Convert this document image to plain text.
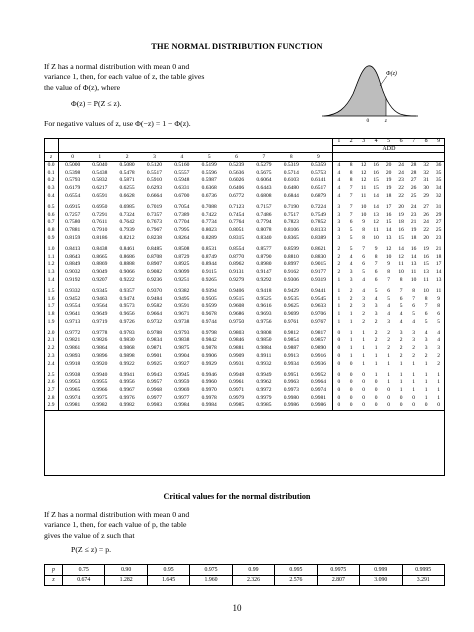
THE NORMAL DISTRIBUTION FUNCTION

If Z has a normal distribution with mean 0 and

variance 1, then, for each value of z, the table gives

the value of Φ(z), where

Φ(z) = P(Z ≤ z).
For negative values of z, use Φ(−z) = 1 − Φ(z).
Φ(z)
0	z
											1	2	3	4	5	6	7	8	9
											ADD								
z	0	1	2	3	4	5	6	7	8	9									
0.0	0.5000	0.5040	0.5080	0.5120	0.5160	0.5199	0.5239	0.5279	0.5319	0.5359	4	8	12	16	20	24	28	32	36
0.1	0.5398	0.5438	0.5478	0.5517	0.5557	0.5596	0.5636	0.5675	0.5714	0.5753	4	8	12	16	20	24	28	32	35
0.2	0.5793	0.5832	0.5871	0.5910	0.5948	0.5987	0.6026	0.6064	0.6103	0.6141	4	8	12	15	19	23	27	31	35
0.3	0.6179	0.6217	0.6255	0.6293	0.6331	0.6368	0.6406	0.6443	0.6480	0.6517	4	7	11	15	19	22	26	30	34
0.4	0.6554	0.6591	0.6628	0.6664	0.6700	0.6736	0.6772	0.6808	0.6844	0.6879	4	7	11	14	18	22	25	29	32

0.5	0.6915	0.6950	0.6985	0.7019	0.7054	0.7088	0.7123	0.7157	0.7190	0.7224	3	7	10	14	17	20	24	27	31
0.6	0.7257	0.7291	0.7324	0.7357	0.7389	0.7422	0.7454	0.7486	0.7517	0.7549	3	7	10	13	16	19	23	26	29
0.7	0.7580	0.7611	0.7642	0.7673	0.7704	0.7734	0.7764	0.7794	0.7823	0.7852	3	6	9	12	15	18	21	24	27
0.8	0.7881	0.7910	0.7939	0.7967	0.7995	0.8023	0.8051	0.8078	0.8106	0.8133	3	5	8	11	14	16	19	22	25
0.9	0.8159	0.8186	0.8212	0.8238	0.8264	0.8289	0.8315	0.8340	0.8365	0.8389	3	5	8	10	13	15	18	20	23

1.0	0.8413	0.8438	0.8461	0.8485	0.8508	0.8531	0.8554	0.8577	0.8599	0.8621	2	5	7	9	12	14	16	19	21
1.1	0.8643	0.8665	0.8686	0.8708	0.8729	0.8749	0.8770	0.8790	0.8810	0.8830	2	4	6	8	10	12	14	16	18
1.2	0.8849	0.8869	0.8888	0.8907	0.8925	0.8944	0.8962	0.8980	0.8997	0.9015	2	4	6	7	9	11	13	15	17
1.3	0.9032	0.9049	0.9066	0.9082	0.9099	0.9115	0.9131	0.9147	0.9162	0.9177	2	3	5	6	8	10	11	13	14
1.4	0.9192	0.9207	0.9222	0.9236	0.9251	0.9265	0.9279	0.9292	0.9306	0.9319	1	3	4	6	7	8	10	11	13

1.5	0.9332	0.9345	0.9357	0.9370	0.9382	0.9394	0.9406	0.9418	0.9429	0.9441	1	2	4	5	6	7	8	10	11
1.6	0.9452	0.9463	0.9474	0.9484	0.9495	0.9505	0.9515	0.9525	0.9535	0.9545	1	2	3	4	5	6	7	8	9
1.7	0.9554	0.9564	0.9573	0.9582	0.9591	0.9599	0.9608	0.9616	0.9625	0.9633	1	2	3	3	4	5	6	7	8
1.8	0.9641	0.9649	0.9656	0.9664	0.9671	0.9678	0.9686	0.9693	0.9699	0.9706	1	1	2	3	4	4	5	6	6
1.9	0.9713	0.9719	0.9726	0.9732	0.9738	0.9744	0.9750	0.9756	0.9761	0.9767	1	1	2	2	3	4	4	5	5

2.0	0.9772	0.9778	0.9783	0.9788	0.9793	0.9798	0.9803	0.9808	0.9812	0.9817	0	1	1	2	2	3	3	4	4
2.1	0.9821	0.9826	0.9830	0.9834	0.9838	0.9842	0.9846	0.9850	0.9854	0.9857	0	1	1	2	2	2	3	3	4
2.2	0.9861	0.9864	0.9868	0.9871	0.9875	0.9878	0.9881	0.9884	0.9887	0.9890	0	1	1	1	2	2	2	3	3
2.3	0.9893	0.9896	0.9898	0.9901	0.9904	0.9906	0.9909	0.9911	0.9913	0.9916	0	1	1	1	1	2	2	2	2
2.4	0.9918	0.9920	0.9922	0.9925	0.9927	0.9929	0.9931	0.9932	0.9934	0.9936	0	0	1	1	1	1	1	1	2

2.5	0.9938	0.9940	0.9941	0.9943	0.9945	0.9946	0.9948	0.9949	0.9951	0.9952	0	0	0	1	1	1	1	1	1
2.6	0.9953	0.9955	0.9956	0.9957	0.9959	0.9960	0.9961	0.9962	0.9963	0.9964	0	0	0	0	1	1	1	1	1
2.7	0.9965	0.9966	0.9967	0.9968	0.9969	0.9970	0.9971	0.9972	0.9973	0.9974	0	0	0	0	0	1	1	1	1
2.8	0.9974	0.9975	0.9976	0.9977	0.9977	0.9978	0.9979	0.9979	0.9980	0.9981	0	0	0	0	0	0	0	1	1
2.9	0.9981	0.9982	0.9982	0.9983	0.9984	0.9984	0.9985	0.9985	0.9986	0.9986	0	0	0	0	0	0	0	0	0
Critical values for the normal distribution

If Z has a normal distribution with mean 0 and

variance 1, then, for each value of p, the table

gives the value of z such that

P(Z ≤ z) = p.
p	0.75	0.90	0.95	0.975	0.99	0.995	0.9975	0.999	0.9995
z	0.674	1.282	1.645	1.960	2.326	2.576	2.807	3.090	3.291
10
